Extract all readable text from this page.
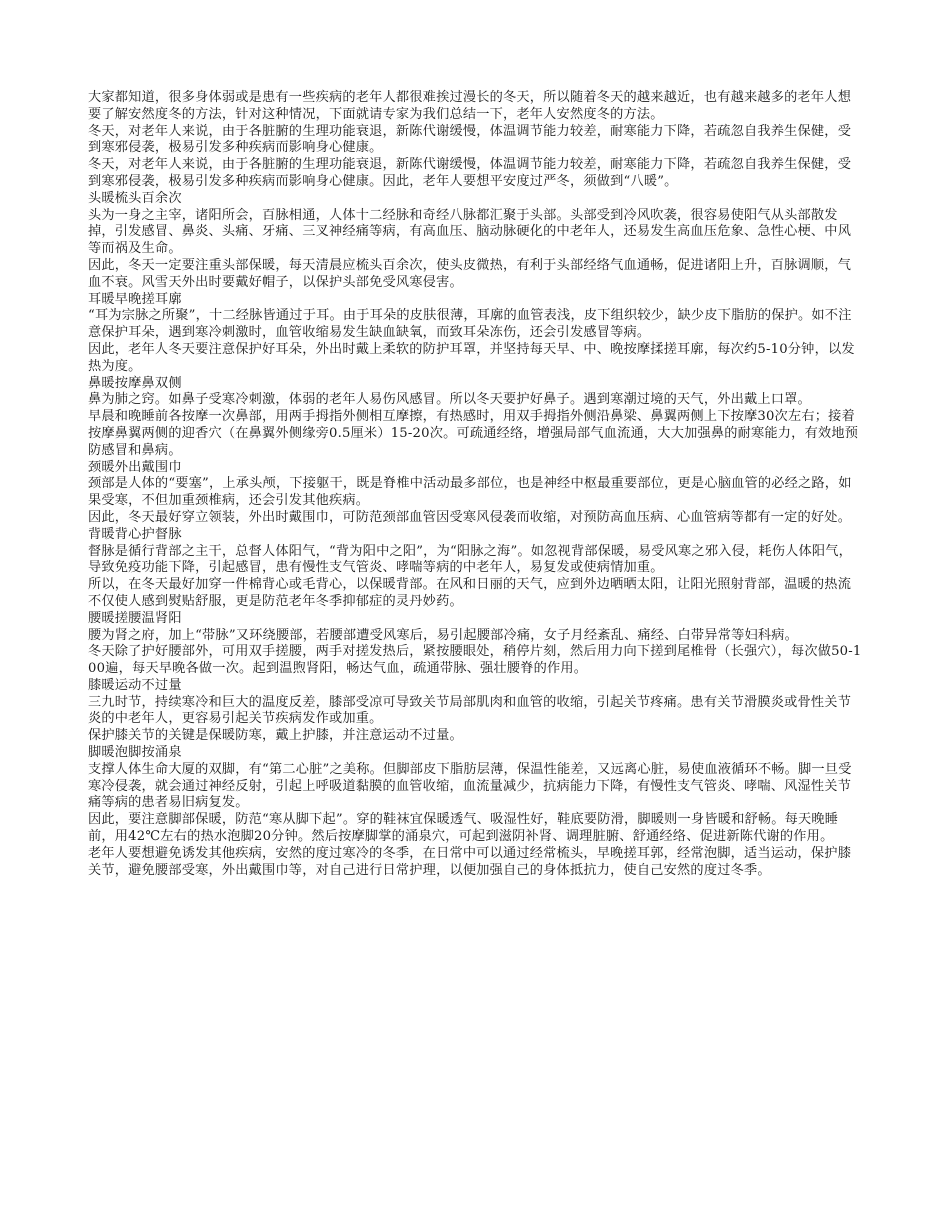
大家都知道，很多身体弱或是患有一些疾病的老年人都很难挨过漫长的冬天，所以随着冬天的越来越近，也有越来越多的老年人想要了解安然度冬的方法，针对这种情况，下面就请专家为我们总结一下，老年人安然度冬的方法。

冬天，对老年人来说，由于各脏腑的生理功能衰退，新陈代谢缓慢，体温调节能力较差，耐寒能力下降，若疏忽自我养生保健，受到寒邪侵袭，极易引发多种疾病而影响身心健康。

冬天，对老年人来说，由于各脏腑的生理功能衰退，新陈代谢缓慢，体温调节能力较差，耐寒能力下降，若疏忽自我养生保健，受到寒邪侵袭，极易引发多种疾病而影响身心健康。因此，老年人要想平安度过严冬，须做到“八暖”。

头暖梳头百余次

头为一身之主宰，诸阳所会，百脉相通，人体十二经脉和奇经八脉都汇聚于头部。头部受到冷风吹袭，很容易使阳气从头部散发掉，引发感冒、鼻炎、头痛、牙痛、三叉神经痛等病，有高血压、脑动脉硬化的中老年人，还易发生高血压危象、急性心梗、中风等而祸及生命。

因此，冬天一定要注重头部保暖，每天清晨应梳头百余次，使头皮微热，有利于头部经络气血通畅，促进诸阳上升，百脉调顺，气血不衰。风雪天外出时要戴好帽子，以保护头部免受风寒侵害。

耳暖早晚搓耳廓

“耳为宗脉之所聚”，十二经脉皆通过于耳。由于耳朵的皮肤很薄，耳廓的血管表浅，皮下组织较少，缺少皮下脂肪的保护。如不注意保护耳朵，遇到寒冷刺激时，血管收缩易发生缺血缺氧，而致耳朵冻伤，还会引发感冒等病。

因此，老年人冬天要注意保护好耳朵，外出时戴上柔软的防护耳罩，并坚持每天早、中、晚按摩揉搓耳廓，每次约5-10分钟，以发热为度。

鼻暖按摩鼻双侧

鼻为肺之窍。如鼻子受寒冷刺激，体弱的老年人易伤风感冒。所以冬天要护好鼻子。遇到寒潮过境的天气，外出戴上口罩。

早晨和晚睡前各按摩一次鼻部，用两手拇指外侧相互摩擦，有热感时，用双手拇指外侧沿鼻梁、鼻翼两侧上下按摩30次左右；接着按摩鼻翼两侧的迎香穴（在鼻翼外侧缘旁0.5厘米）15-20次。可疏通经络，增强局部气血流通，大大加强鼻的耐寒能力，有效地预防感冒和鼻病。

颈暖外出戴围巾

颈部是人体的“要塞”，上承头颅，下接躯干，既是脊椎中活动最多部位，也是神经中枢最重要部位，更是心脑血管的必经之路，如果受寒，不但加重颈椎病，还会引发其他疾病。

因此，冬天最好穿立领装，外出时戴围巾，可防范颈部血管因受寒风侵袭而收缩，对预防高血压病、心血管病等都有一定的好处。

背暖背心护督脉

督脉是循行背部之主干，总督人体阳气，“背为阳中之阳”，为“阳脉之海”。如忽视背部保暖，易受风寒之邪入侵，耗伤人体阳气，导致免疫功能下降，引起感冒，患有慢性支气管炎、哮喘等病的中老年人，易复发或使病情加重。

所以，在冬天最好加穿一件棉背心或毛背心，以保暖背部。在风和日丽的天气，应到外边晒晒太阳，让阳光照射背部，温暖的热流不仅使人感到熨贴舒服，更是防范老年冬季抑郁症的灵丹妙药。

腰暖搓腰温肾阳

腰为肾之府，加上“带脉”又环绕腰部，若腰部遭受风寒后，易引起腰部冷痛，女子月经紊乱、痛经、白带异常等妇科病。

冬天除了护好腰部外，可用双手搓腰，两手对搓发热后，紧按腰眼处，稍停片刻，然后用力向下搓到尾椎骨（长强穴），每次做50-100遍，每天早晚各做一次。起到温煦肾阳，畅达气血，疏通带脉、强壮腰脊的作用。

膝暖运动不过量

三九时节，持续寒冷和巨大的温度反差，膝部受凉可导致关节局部肌肉和血管的收缩，引起关节疼痛。患有关节滑膜炎或骨性关节炎的中老年人，更容易引起关节疾病发作或加重。

保护膝关节的关键是保暖防寒，戴上护膝，并注意运动不过量。

脚暖泡脚按涌泉

支撑人体生命大厦的双脚，有“第二心脏”之美称。但脚部皮下脂肪层薄，保温性能差，又远离心脏，易使血液循环不畅。脚一旦受寒冷侵袭，就会通过神经反射，引起上呼吸道黏膜的血管收缩，血流量减少，抗病能力下降，有慢性支气管炎、哮喘、风湿性关节痛等病的患者易旧病复发。

因此，要注意脚部保暖，防范“寒从脚下起”。穿的鞋袜宜保暖透气、吸湿性好，鞋底要防滑，脚暖则一身皆暖和舒畅。每天晚睡前，用42℃左右的热水泡脚20分钟。然后按摩脚掌的涌泉穴，可起到滋阴补肾、调理脏腑、舒通经络、促进新陈代谢的作用。

老年人要想避免诱发其他疾病，安然的度过寒冷的冬季，在日常中可以通过经常梳头，早晚搓耳郭，经常泡脚，适当运动，保护膝关节，避免腰部受寒，外出戴围巾等，对自己进行日常护理，以便加强自己的身体抵抗力，使自己安然的度过冬季。
